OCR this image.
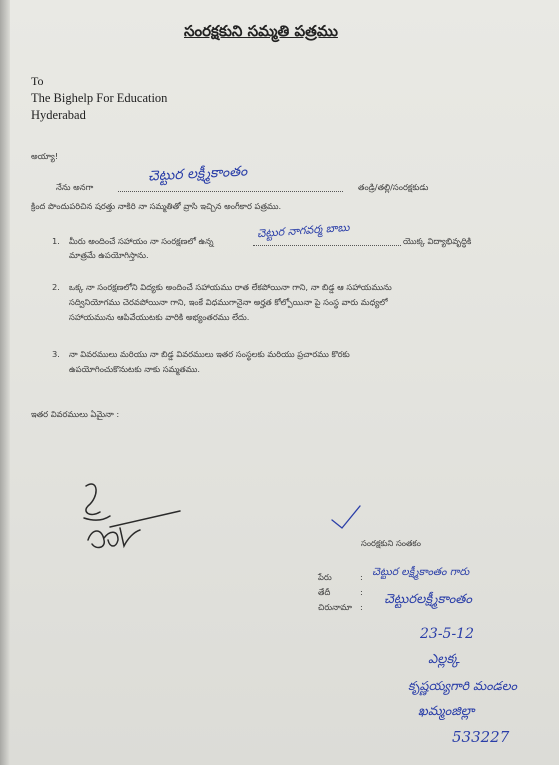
సంరక్షకుని సమ్మతి పత్రము
To
The Bighelp For Education
Hyderabad
అయ్యా!
నేను అనగా
చెట్టుర లక్ష్మీకాంతం
తండ్రి/తల్లి/సంరక్షకుడు
క్రింద పొందుపరిచిన షరత్తు నాకిరి నా సమ్మతితో వ్రాసి ఇచ్చిన అంగీకార పత్రము.
1. మీరు అందించే సహాయం నా సంరక్షణలో ఉన్న
చెట్టుర నాగవర్మ బాబు
యొక్క విద్యాభివృద్ధికి
మాత్రమే ఉపయోగిస్తాను.
2. ఒక్క నా సంరక్షణలోని విద్యకు అందించే సహాయము రాత లేకపోయినా గాని, నా బిడ్డ ఆ సహాయమును
సద్వినియోగము చెరవపోయినా గాని, ఇంకే విధముగానైనా అర్హత కోల్పోయినా పై సంస్థ వారు మధ్యలో
సహాయమును ఆపివేయుటకు వారికి అభ్యంతరము లేదు.
3. నా వివరములు మరియు నా బిడ్డ వివరములు ఇతర సంస్థలకు మరియు ప్రచారము కొరకు
ఉపయోగించుకొనుటకు నాకు సమ్మతము.
ఇతర వివరములు ఏమైనా :
సంరక్షకుని సంతకం
పేరు	: చెట్టుర లక్ష్మీకాంతం గారు
తేదీ	:
చిరునామా : చెట్టురలక్ష్మీకాంతం
23-5-12
ఎల్లక్క
కృష్ణయ్యగారి మండలం
ఖమ్మంజిల్లా
533227
